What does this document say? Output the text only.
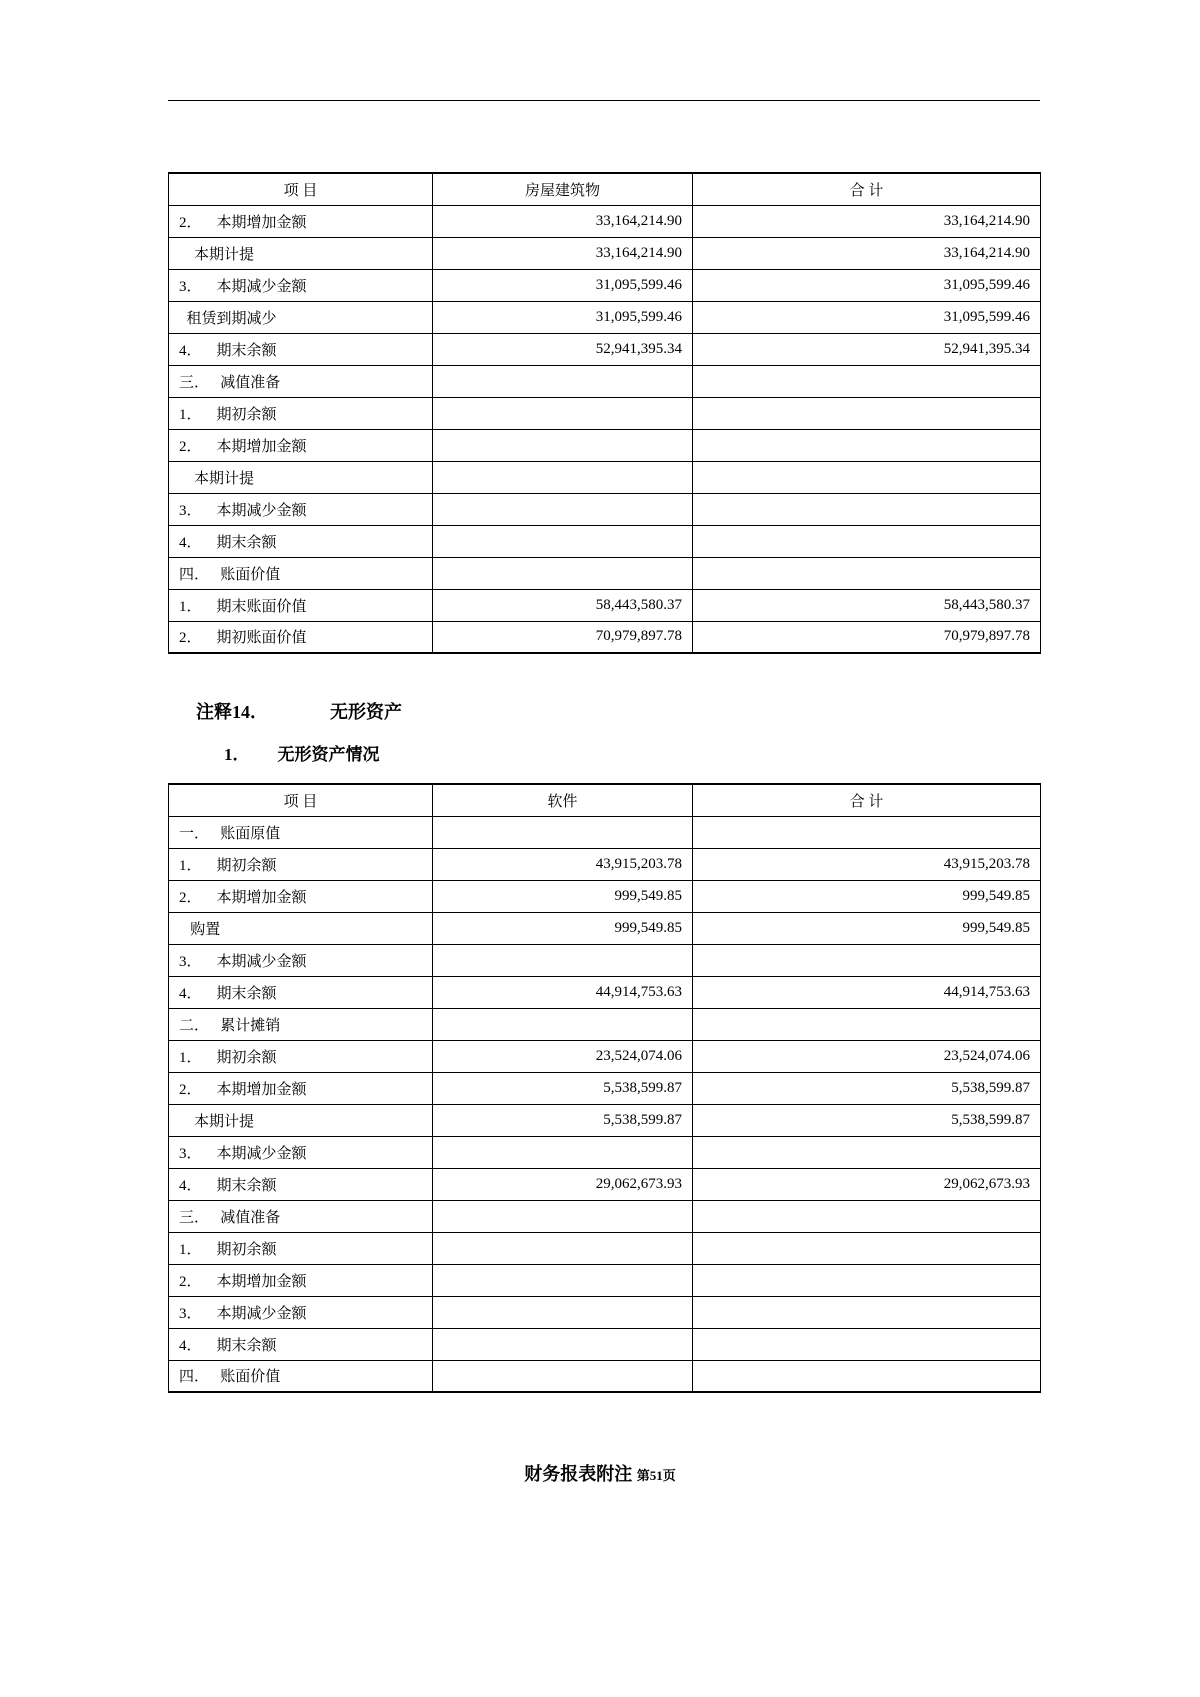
项 目	房屋建筑物	合 计
2．    本期增加金额	33,164,214.90	33,164,214.90
本期计提	33,164,214.90	33,164,214.90
3．    本期减少金额	31,095,599.46	31,095,599.46
租赁到期减少	31,095,599.46	31,095,599.46
4．    期末余额	52,941,395.34	52,941,395.34
三．   减值准备		
1．    期初余额		
2．    本期增加金额		
本期计提		
3．    本期减少金额		
4．    期末余额		
四．   账面价值		
1．    期末账面价值	58,443,580.37	58,443,580.37
2．    期初账面价值	70,979,897.78	70,979,897.78
注释14．	无形资产
1． 无形资产情况
项 目	软件	合 计
一．   账面原值		
1．    期初余额	43,915,203.78	43,915,203.78
2．    本期增加金额	999,549.85	999,549.85
购置	999,549.85	999,549.85
3．    本期减少金额		
4．    期末余额	44,914,753.63	44,914,753.63
二．   累计摊销		
1．    期初余额	23,524,074.06	23,524,074.06
2．    本期增加金额	5,538,599.87	5,538,599.87
本期计提	5,538,599.87	5,538,599.87
3．    本期减少金额		
4．    期末余额	29,062,673.93	29,062,673.93
三．   减值准备		
1．    期初余额		
2．    本期增加金额		
3．    本期减少金额		
4．    期末余额		
四．   账面价值		
财务报表附注 第51页
